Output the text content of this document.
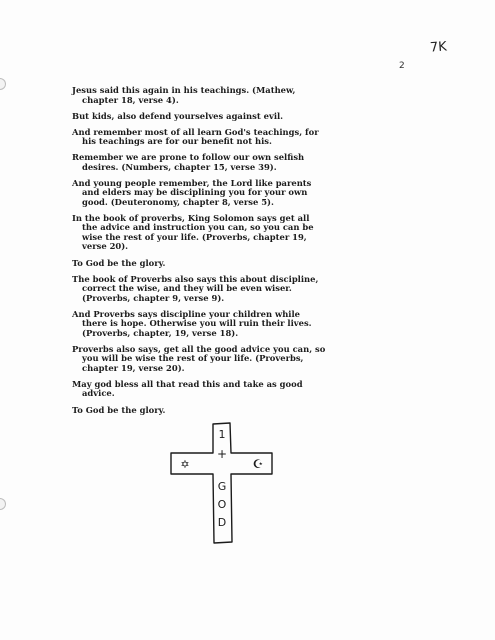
7K
2
Jesus said this again in his teachings. (Mathew,
chapter 18, verse 4).
But kids, also defend yourselves against evil.
And remember most of all learn God's teachings, for
his teachings are for our benefit not his.
Remember we are prone to follow our own selfish
desires. (Numbers, chapter 15, verse 39).
And young people remember, the Lord like parents
and elders may be disciplining you for your own
good. (Deuteronomy, chapter 8, verse 5).
In the book of proverbs, King Solomon says get all
the advice and instruction you can, so you can be
wise the rest of your life. (Proverbs, chapter 19,
verse 20).
To God be the glory.
The book of Proverbs also says this about discipline,
correct the wise, and they will be even wiser.
(Proverbs, chapter 9, verse 9).
And Proverbs says discipline your children while
there is hope. Otherwise you will ruin their lives.
(Proverbs, chapter, 19, verse 18).
Proverbs also says, get all the good advice you can, so
you will be wise the rest of your life. (Proverbs,
chapter 19, verse 20).
May god bless all that read this and take as good
advice.
To God be the glory.
1
+
✡	☪
G
O
D
